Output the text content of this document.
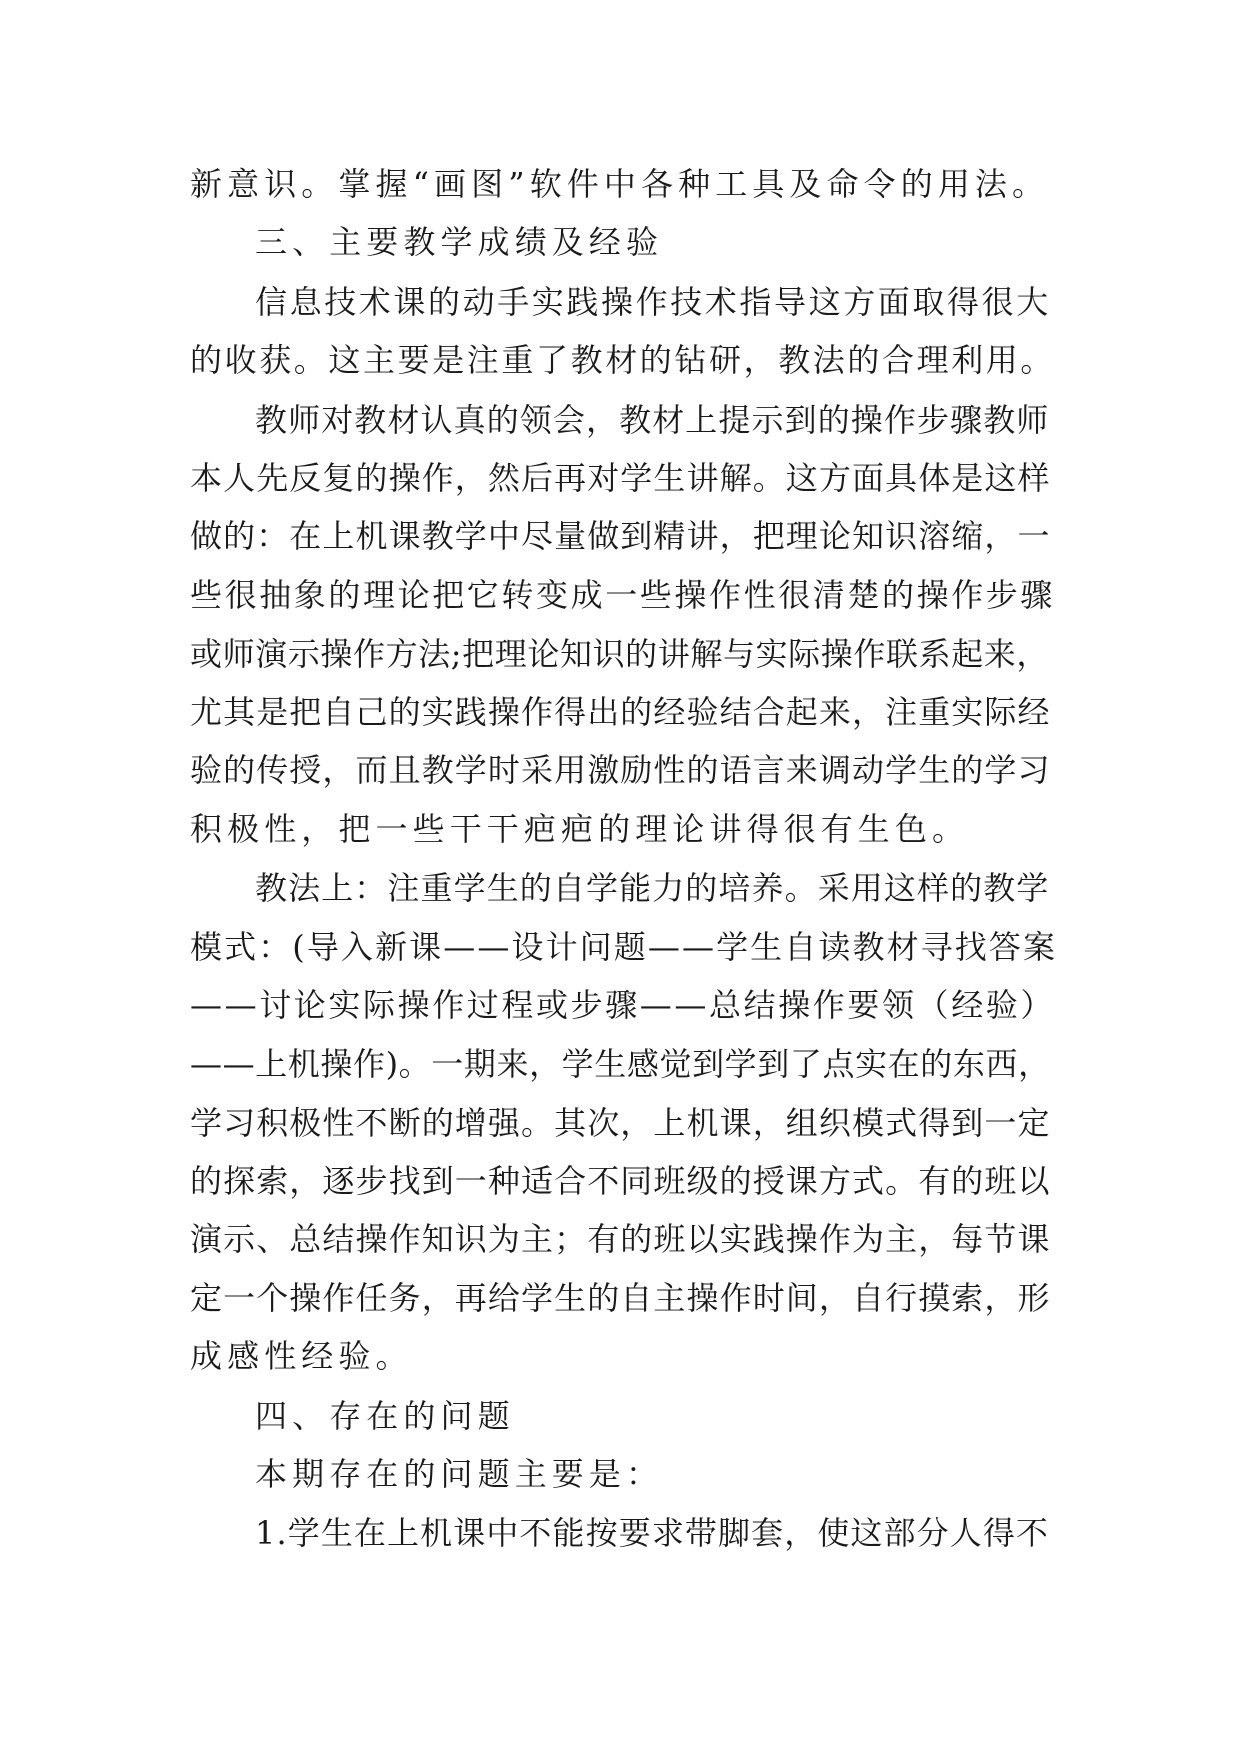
新意识。掌握“画图”软件中各种工具及命令的用法。
三、主要教学成绩及经验
信息技术课的动手实践操作技术指导这方面取得很大
的收获。这主要是注重了教材的钻研，教法的合理利用。
教师对教材认真的领会，教材上提示到的操作步骤教师
本人先反复的操作，然后再对学生讲解。这方面具体是这样
做的：在上机课教学中尽量做到精讲，把理论知识溶缩，一
些很抽象的理论把它转变成一些操作性很清楚的操作步骤
或师演示操作方法;把理论知识的讲解与实际操作联系起来，
尤其是把自己的实践操作得出的经验结合起来，注重实际经
验的传授，而且教学时采用激励性的语言来调动学生的学习
积极性，把一些干干疤疤的理论讲得很有生色。
教法上：注重学生的自学能力的培养。采用这样的教学
模式：(导入新课——设计问题——学生自读教材寻找答案
——讨论实际操作过程或步骤——总结操作要领（经验）
——上机操作)。一期来，学生感觉到学到了点实在的东西，
学习积极性不断的增强。其次，上机课，组织模式得到一定
的探索，逐步找到一种适合不同班级的授课方式。有的班以
演示、总结操作知识为主；有的班以实践操作为主，每节课
定一个操作任务，再给学生的自主操作时间，自行摸索，形
成感性经验。
四、存在的问题
本期存在的问题主要是：
1.学生在上机课中不能按要求带脚套，使这部分人得不
